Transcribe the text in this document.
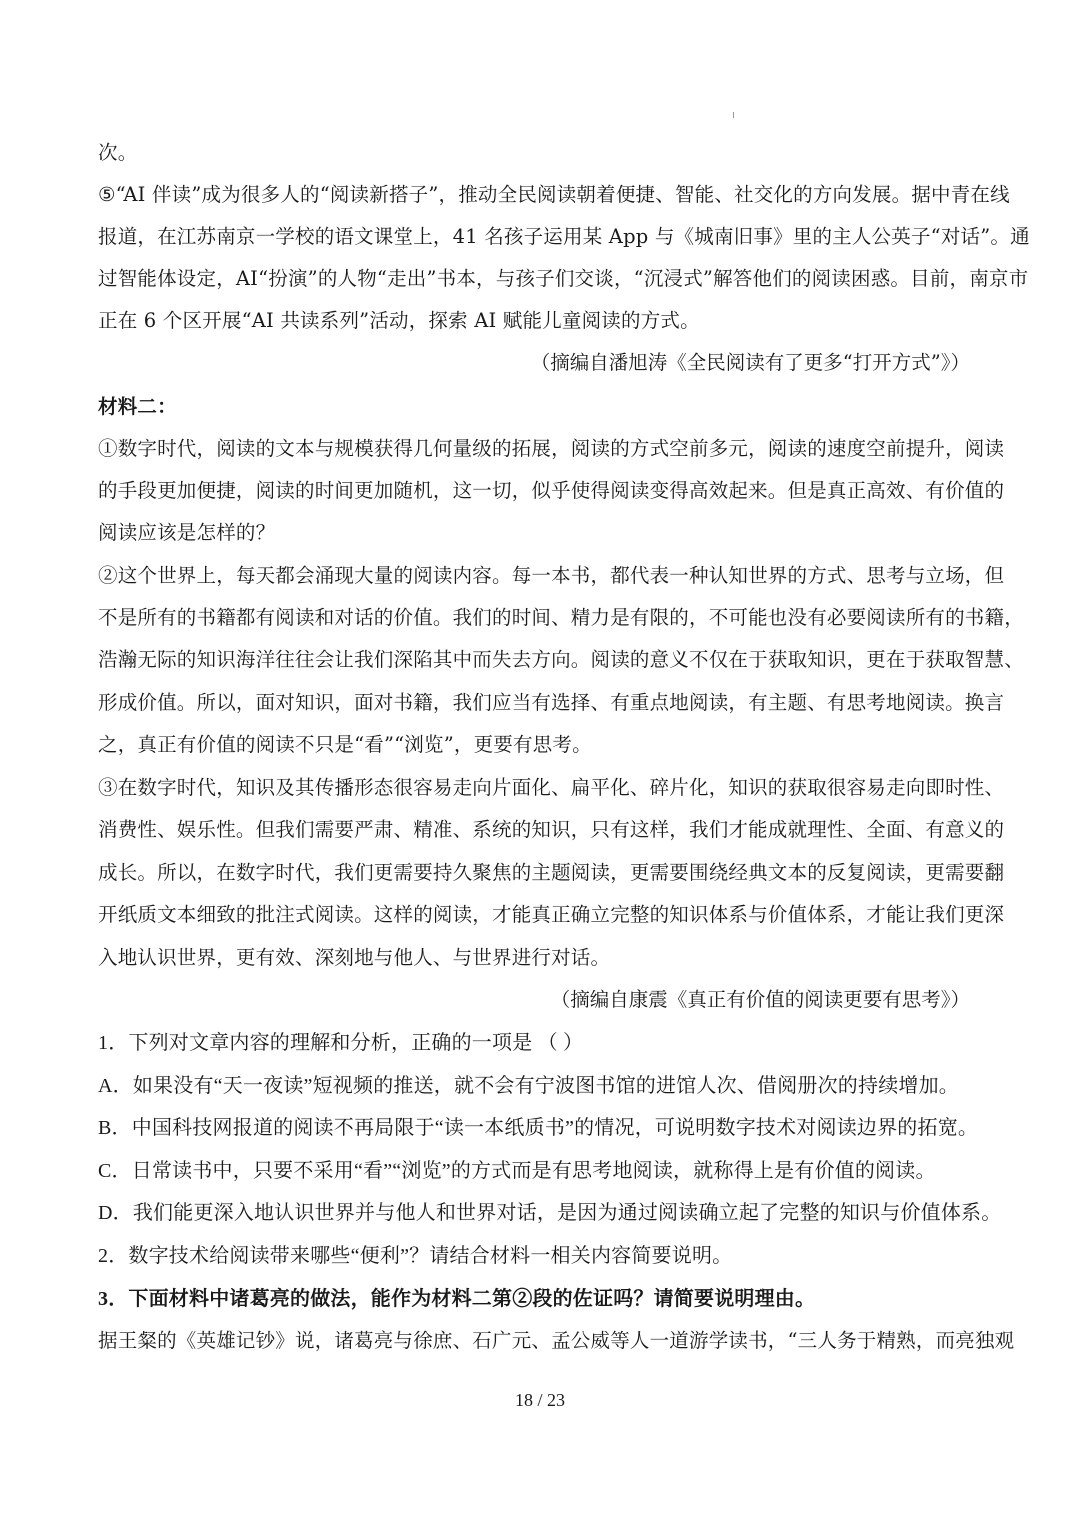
次。
⑤“AI 伴读”成为很多人的“阅读新搭子”，推动全民阅读朝着便捷、智能、社交化的方向发展。据中青在线
报道，在江苏南京一学校的语文课堂上，41 名孩子运用某 App 与《城南旧事》里的主人公英子“对话”。通
过智能体设定，AI“扮演”的人物“走出”书本，与孩子们交谈，“沉浸式”解答他们的阅读困惑。目前，南京市
正在 6 个区开展“AI 共读系列”活动，探索 AI 赋能儿童阅读的方式。
（摘编自潘旭涛《全民阅读有了更多“打开方式”》）
材料二：
①数字时代，阅读的文本与规模获得几何量级的拓展，阅读的方式空前多元，阅读的速度空前提升，阅读
的手段更加便捷，阅读的时间更加随机，这一切，似乎使得阅读变得高效起来。但是真正高效、有价值的
阅读应该是怎样的？
②这个世界上，每天都会涌现大量的阅读内容。每一本书，都代表一种认知世界的方式、思考与立场，但
不是所有的书籍都有阅读和对话的价值。我们的时间、精力是有限的，不可能也没有必要阅读所有的书籍，
浩瀚无际的知识海洋往往会让我们深陷其中而失去方向。阅读的意义不仅在于获取知识，更在于获取智慧、
形成价值。所以，面对知识，面对书籍，我们应当有选择、有重点地阅读，有主题、有思考地阅读。换言
之，真正有价值的阅读不只是“看”“浏览”，更要有思考。
③在数字时代，知识及其传播形态很容易走向片面化、扁平化、碎片化，知识的获取很容易走向即时性、
消费性、娱乐性。但我们需要严肃、精准、系统的知识，只有这样，我们才能成就理性、全面、有意义的
成长。所以，在数字时代，我们更需要持久聚焦的主题阅读，更需要围绕经典文本的反复阅读，更需要翻
开纸质文本细致的批注式阅读。这样的阅读，才能真正确立完整的知识体系与价值体系，才能让我们更深
入地认识世界，更有效、深刻地与他人、与世界进行对话。
（摘编自康震《真正有价值的阅读更要有思考》）
1．下列对文章内容的理解和分析，正确的一项是 （ ）
A．如果没有“天一夜读”短视频的推送，就不会有宁波图书馆的进馆人次、借阅册次的持续增加。
B．中国科技网报道的阅读不再局限于“读一本纸质书”的情况，可说明数字技术对阅读边界的拓宽。
C．日常读书中，只要不采用“看”“浏览”的方式而是有思考地阅读，就称得上是有价值的阅读。
D．我们能更深入地认识世界并与他人和世界对话，是因为通过阅读确立起了完整的知识与价值体系。
2．数字技术给阅读带来哪些“便利”？请结合材料一相关内容简要说明。
3．下面材料中诸葛亮的做法，能作为材料二第②段的佐证吗？请简要说明理由。
据王粲的《英雄记钞》说，诸葛亮与徐庶、石广元、孟公威等人一道游学读书，“三人务于精熟，而亮独观
18 / 23
